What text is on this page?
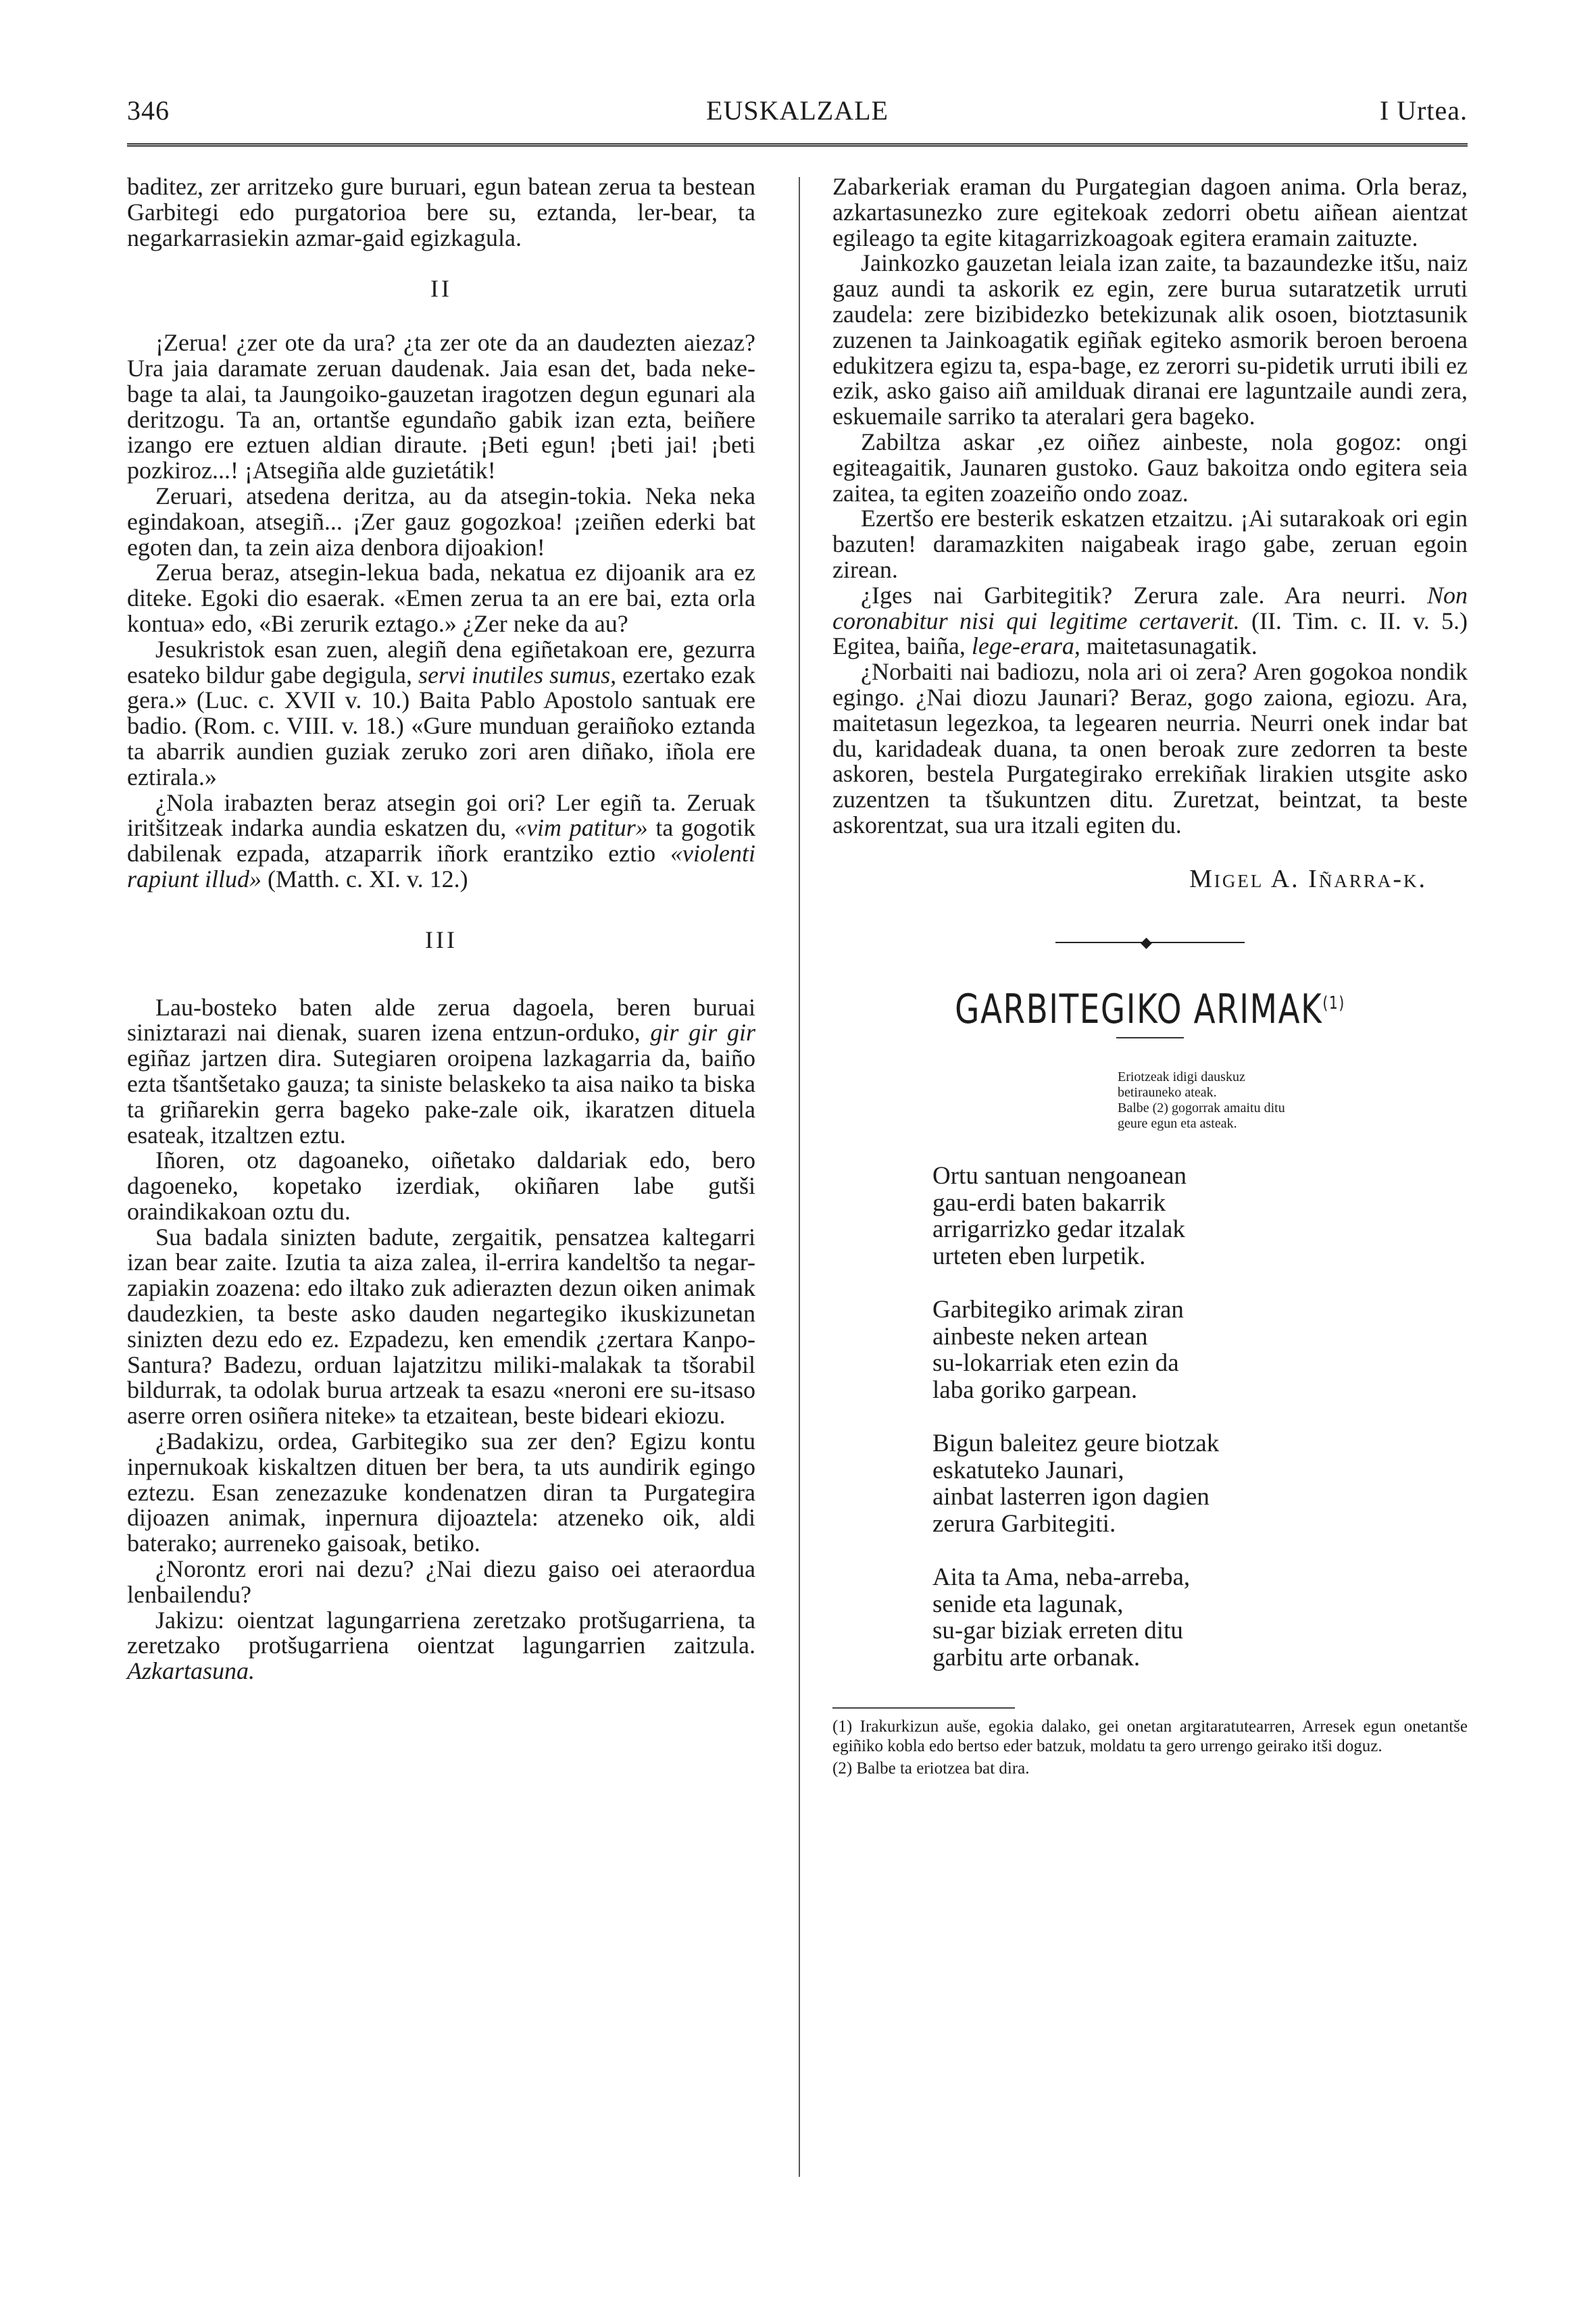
346	EUSKALZALE	I Urtea.

baditez, zer arritzeko gure buruari, egun batean zerua ta bestean Garbitegi edo purgatorioa bere su, eztanda, ler-bear, ta negarkarrasiekin azmar-gaid egizkagula.

II

¡Zerua! ¿zer ote da ura? ¿ta zer ote da an daudezten aiezaz? Ura jaia daramate zeruan daudenak. Jaia esan det, bada neke-bage ta alai, ta Jaungoiko-gauzetan iragotzen degun egunari ala deritzogu. Ta an, ortantše egundaño gabik izan ezta, beiñere izango ere eztuen aldian diraute. ¡Beti egun! ¡beti jai! ¡beti pozkiroz...! ¡Atsegiña alde guzietátik!

Zeruari, atsedena deritza, au da atsegin-tokia. Neka neka egindakoan, atsegiñ... ¡Zer gauz gogozkoa! ¡zeiñen ederki bat egoten dan, ta zein aiza denbora dijoakion!

Zerua beraz, atsegin-lekua bada, nekatua ez dijoanik ara ez diteke. Egoki dio esaerak. «Emen zerua ta an ere bai, ezta orla kontua» edo, «Bi zerurik eztago.» ¿Zer neke da au?

Jesukristok esan zuen, alegiñ dena egiñetakoan ere, gezurra esateko bildur gabe degigula, servi inutiles sumus, ezertako ezak gera.» (Luc. c. XVII v. 10.) Baita Pablo Apostolo santuak ere badio. (Rom. c. VIII. v. 18.) «Gure munduan geraiñoko eztanda ta abarrik aundien guziak zeruko zori aren diñako, iñola ere eztirala.»

¿Nola irabazten beraz atsegin goi ori? Ler egiñ ta. Zeruak iritšitzeak indarka aundia eskatzen du, «vim patitur» ta gogotik dabilenak ezpada, atzaparrik iñork erantziko eztio «violenti rapiunt illud» (Matth. c. XI. v. 12.)

III

Lau-bosteko baten alde zerua dagoela, beren buruai siniztarazi nai dienak, suaren izena entzun-orduko, gir gir gir egiñaz jartzen dira. Sutegiaren oroipena lazkagarria da, baiño ezta tšantšetako gauza; ta sinistе belaskeko ta aisa naiko ta biska ta griñarekin gerra bageko pake-zale oik, ikaratzen dituela esateak, itzaltzen eztu.

Iñoren, otz dagoaneko, oiñetako daldariak edo, bero dagoeneko, kopetako izerdiak, okiñaren labe gutši oraindikakoan oztu du.

Sua badala sinizten badute, zergaitik, pensatzea kaltegarri izan bear zaite. Izutia ta aiza zalea, il-errira kandeltšo ta negar-zapiakin zoazena: edo iltako zuk adierazten dezun oiken animak daudezkien, ta beste asko dauden negartegiko ikuskizunetan sinizten dezu edo ez. Ezpadezu, ken emendik ¿zertara Kanpo-Santura? Badezu, orduan lajatzitzu miliki-malakak ta tšorabil bildurrak, ta odolak burua artzeak ta esazu «neroni ere su-itsaso aserre orren osiñera niteke» ta etzaitean, beste bideari ekiozu.

¿Badakizu, ordea, Garbitegiko sua zer den? Egizu kontu inpernukoak kiskaltzen dituen ber bera, ta uts aundirik egingo eztezu. Esan zenezazuke kondenatzen diran ta Purgategira dijoazen animak, inpernura dijoaztela: atzeneko oik, aldi baterako; aurreneko gaisoak, betiko.

¿Norontz erori nai dezu? ¿Nai diezu gaiso oei ateraordua lenbailendu?

Jakizu: oientzat lagungarriena zeretzako protšugarriena, ta zeretzako protšugarriena oientzat lagungarrien zaitzula. Azkartasuna.

Zabarkeriak eraman du Purgategian dagoen anima. Orla beraz, azkartasunezko zure egitekoak zedorri obetu aiñean aientzat egileago ta egite kitagarrizkoagoak egitera eramain zaituzte.

Jainkozko gauzetan leiala izan zaite, ta bazaundezke itšu, naiz gauz aundi ta askorik ez egin, zere burua sutaratzetik urruti zaudela: zere bizibidezko betekizunak alik osoen, biotztasunik zuzenen ta Jainkoagatik egiñak egiteko asmorik beroen beroena edukitzera egizu ta, espa-bage, ez zerorri su-pidetik urruti ibili ez ezik, asko gaiso aiñ amilduak diranai ere laguntzaile aundi zera, eskuemaile sarriko ta ateralari gera bageko.

Zabiltza askar ,ez oiñez ainbeste, nola gogoz: ongi egiteagaitik, Jaunaren gustoko. Gauz bakoitza ondo egitera seia zaitea, ta egiten zoazeiño ondo zoaz.

Ezertšo ere besterik eskatzen etzaitzu. ¡Ai sutarakoak ori egin bazuten! daramazkiten naigabeak irago gabe, zeruan egoin zirean.

¿Iges nai Garbitegitik? Zerura zale. Ara neurri. Non coronabitur nisi qui legitime certaverit. (II. Tim. c. II. v. 5.) Egitea, baiña, lege-erara, maitetasunagatik.

¿Norbaiti nai badiozu, nola ari oi zera? Aren gogokoa nondik egingo. ¿Nai diozu Jaunari? Beraz, gogo zaiona, egiozu. Ara, maitetasun legezkoa, ta legearen neurria. Neurri onek indar bat du, karidadeak duana, ta onen beroak zure zedorren ta beste askoren, bestela Purgategirako errekiñak lirakien utsgite asko zuzentzen ta tšukuntzen ditu. Zuretzat, beintzat, ta beste askorentzat, sua ura itzali egiten du.

Migel A. Iñarra-k.
◆
GARBITEGIKO ARIMAK$^{(1)}$
Eriotzeak idigi dauskuz
betirauneko ateak.
Balbe (2) gogorrak amaitu ditu
geure egun eta asteak.
Ortu santuan nengoanean
gau-erdi baten bakarrik
arrigarrizko gedar itzalak
urteten eben lurpetik.
Garbitegiko arimak ziran
ainbeste neken artean
su-lokarriak eten ezin da
laba goriko garpean.
Bigun baleitez geure biotzak
eskatuteko Jaunari,
ainbat lasterren igon dagien
zerura Garbitegiti.
Aita ta Ama, neba-arreba,
senide eta lagunak,
su-gar biziak erreten ditu
garbitu arte orbanak.
(1) Irakurkizun auše, egokia dalako, gei onetan argitaratutearren, Arresek egun onetantše egiñiko kobla edo bertso eder batzuk, moldatu ta gero urrengo geirako itši doguz.
(2) Balbe ta eriotzea bat dira.
